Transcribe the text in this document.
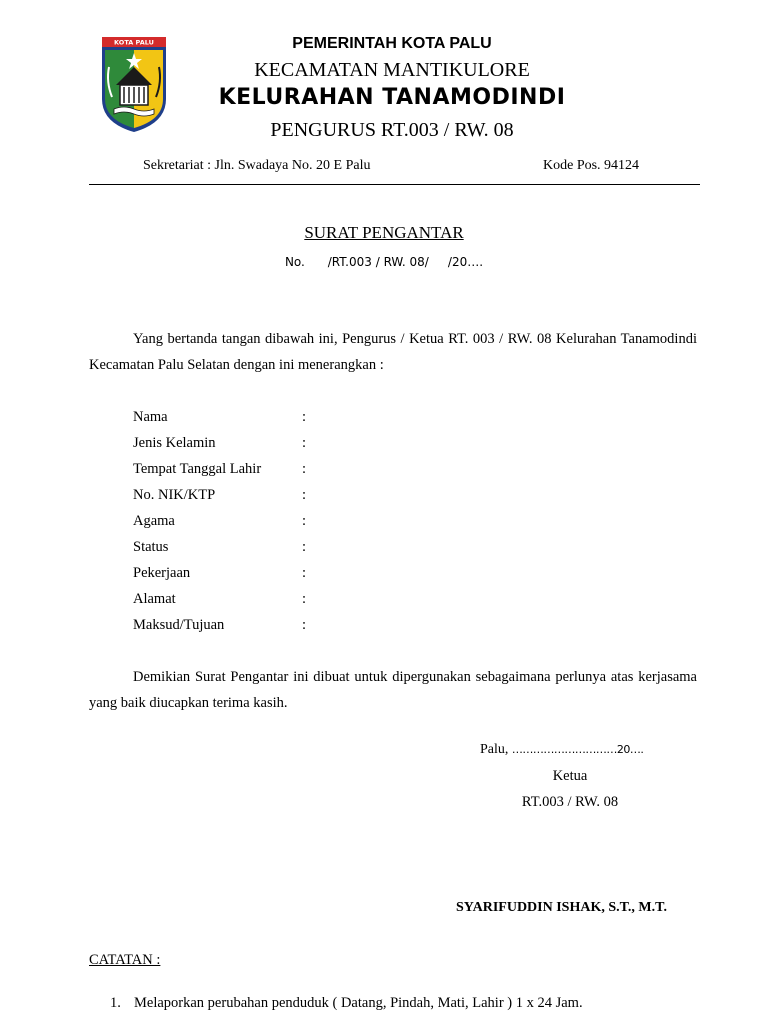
KOTA PALU	PEMERINTAH KOTA PALU
KECAMATAN MANTIKULORE
KELURAHAN TANAMODINDI
PENGURUS RT.003 / RW. 08
Sekretariat : Jln. Swadaya No. 20 E Palu	Kode Pos. 94124
SURAT PENGANTAR
No.      /RT.003 / RW. 08/     /20….
Yang bertanda tangan dibawah ini, Pengurus / Ketua RT. 003 / RW. 08 Kelurahan Tanamodindi Kecamatan Palu Selatan dengan ini menerangkan :
Nama	:
Jenis Kelamin	:
Tempat Tanggal Lahir	:
No. NIK/KTP	:
Agama	:
Status	:
Pekerjaan	:
Alamat	:
Maksud/Tujuan	:
Demikian Surat Pengantar ini dibuat untuk dipergunakan sebagaimana perlunya atas kerjasama yang baik diucapkan terima kasih.
Palu, …………………………20….
Ketua
RT.003 / RW. 08
SYARIFUDDIN ISHAK, S.T., M.T.
CATATAN :
1. Melaporkan perubahan penduduk ( Datang, Pindah, Mati, Lahir ) 1 x 24 Jam.
